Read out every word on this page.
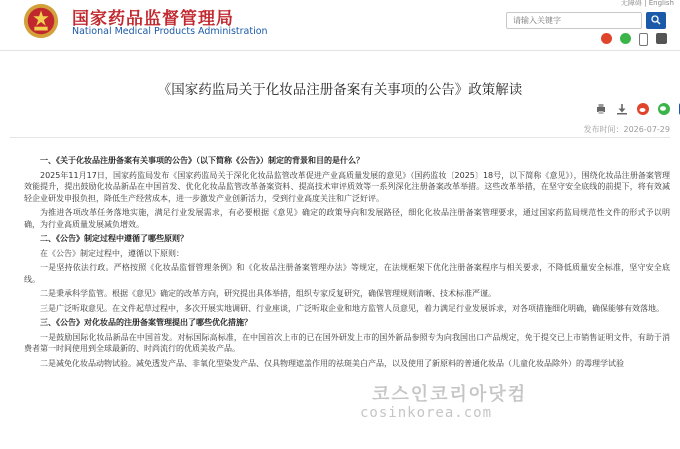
国家药品监督管理局
National Medical Products Administration
无障碍 | English
请输入关键字

《国家药监局关于化妆品注册备案有关事项的公告》政策解读

发布时间：2026-07-29

一、《关于化妆品注册备案有关事项的公告》（以下简称《公告》）制定的背景和目的是什么？

2025年11月17日，国家药监局发布《国家药监局关于深化化妆品监管改革促进产业高质量发展的意见》（国药监妆〔2025〕18号，以下简称《意见》），围绕化妆品注册备案管理效能提升，提出鼓励化妆品新品在中国首发、优化化妆品监管改革备案资料、提高技术审评质效等一系列深化注册备案改革举措。这些改革举措，在坚守安全底线的前提下，将有效减轻企业研发申报负担，降低生产经营成本，进一步激发产业创新活力，受到行业高度关注和广泛好评。

为推进各项改革任务落地实施，满足行业发展需求，有必要根据《意见》确定的政策导向和发展路径，细化化妆品注册备案管理要求，通过国家药监局规范性文件的形式予以明确，为行业高质量发展减负增效。

二、《公告》制定过程中遵循了哪些原则？

在《公告》制定过程中，遵循以下原则：

一是坚持依法行政。严格按照《化妆品监督管理条例》和《化妆品注册备案管理办法》等规定，在法规框架下优化注册备案程序与相关要求，不降低质量安全标准，坚守安全底线。

二是秉承科学监管。根据《意见》确定的改革方向，研究提出具体举措，组织专家反复研究，确保管理规则清晰、技术标准严谨。

三是广泛听取意见。在文件起草过程中，多次开展实地调研、行业座谈，广泛听取企业和地方监管人员意见，着力满足行业发展诉求，对各项措施细化明确，确保能够有效落地。

三、《公告》对化妆品的注册备案管理提出了哪些优化措施？

一是鼓励国际化妆品新品在中国首发。对标国际高标准，在中国首次上市的已在国外研发上市的国外新品参照专为向我国出口产品规定，免于提交已上市销售证明文件，有助于消费者第一时间使用到全球最新的、时尚流行的优质美妆产品。

二是减免化妆品动物试验。减免透发产品、非氧化型染发产品、仅具物理遮盖作用的祛斑美白产品，以及使用了新原料的普通化妆品（儿童化妆品除外）的毒理学试验

코스인코리아닷컴
cosinkorea.com
